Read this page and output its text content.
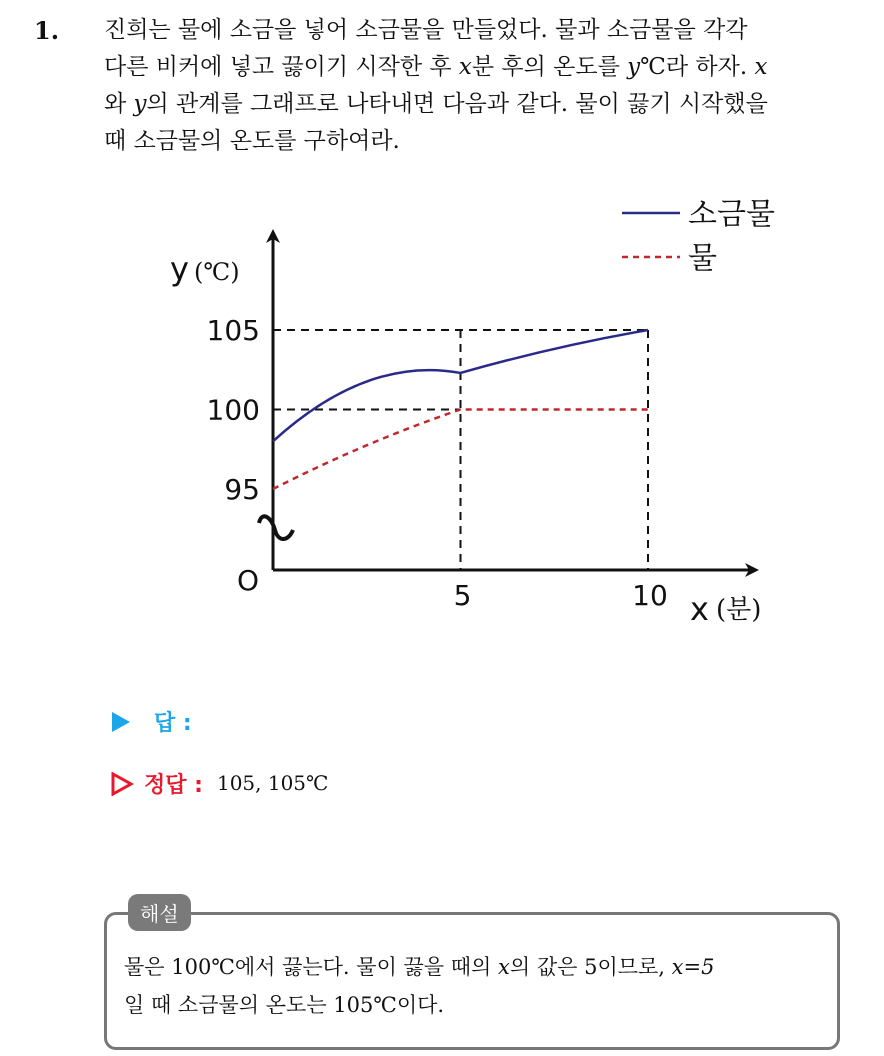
1. 진희는 물에 소금을 넣어 소금물을 만들었다. 물과 소금물을 각각
다른 비커에 넣고 끓이기 시작한 후 x분 후의 온도를 y℃라 하자. x
와 y의 관계를 그래프로 나타내면 다음과 같다. 물이 끓기 시작했을
때 소금물의 온도를 구하여라.
105
100
95
5	10
O
y (℃)
x (분)
소금물
물
답 :
정답 : 105, 105℃
해설
물은 100℃에서 끓는다. 물이 끓을 때의 x의 값은 5이므로, x=5
일 때 소금물의 온도는 105℃이다.
